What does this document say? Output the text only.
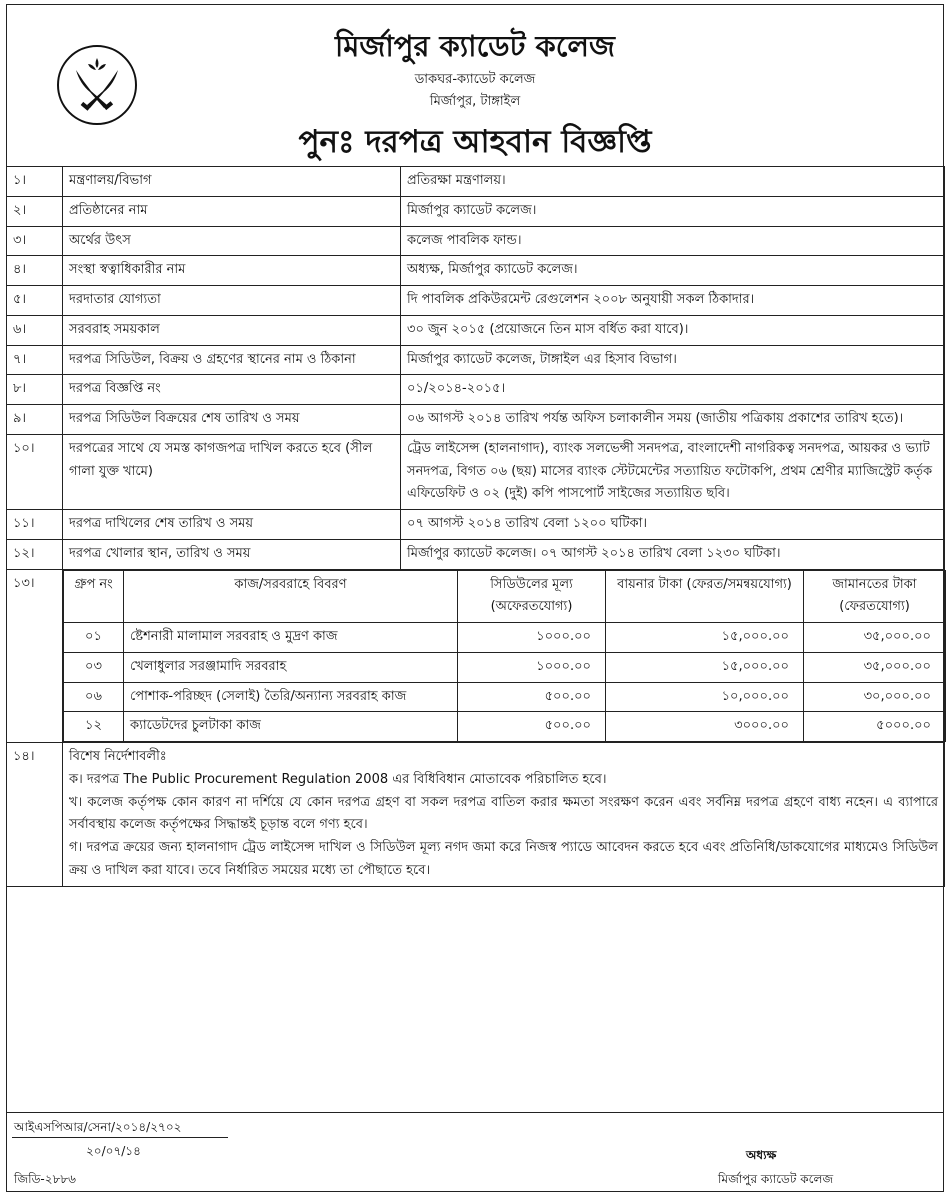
মির্জাপুর ক্যাডেট কলেজ
ডাকঘর-ক্যাডেট কলেজ
মির্জাপুর, টাঙ্গাইল
পুনঃ দরপত্র আহবান বিজ্ঞপ্তি
১।	মন্ত্রণালয়/বিভাগ	প্রতিরক্ষা মন্ত্রণালয়।
২।	প্রতিষ্ঠানের নাম	মির্জাপুর ক্যাডেট কলেজ।
৩।	অর্থের উৎস	কলেজ পাবলিক ফান্ড।
৪।	সংস্থা স্বত্বাধিকারীর নাম	অধ্যক্ষ, মির্জাপুর ক্যাডেট কলেজ।
৫।	দরদাতার যোগ্যতা	দি পাবলিক প্রকিউরমেন্ট রেগুলেশন ২০০৮ অনুযায়ী সকল ঠিকাদার।
৬।	সরবরাহ সময়কাল	৩০ জুন ২০১৫ (প্রয়োজনে তিন মাস বর্ধিত করা যাবে)।
৭।	দরপত্র সিডিউল, বিক্রয় ও গ্রহণের স্থানের নাম ও ঠিকানা	মির্জাপুর ক্যাডেট কলেজ, টাঙ্গাইল এর হিসাব বিভাগ।
৮।	দরপত্র বিজ্ঞপ্তি নং	০১/২০১৪-২০১৫।
৯।	দরপত্র সিডিউল বিক্রয়ের শেষ তারিখ ও সময়	০৬ আগস্ট ২০১৪ তারিখ পর্যন্ত অফিস চলাকালীন সময় (জাতীয় পত্রিকায় প্রকাশের তারিখ হতে)।
১০।	দরপত্রের সাথে যে সমস্ত কাগজপত্র দাখিল করতে হবে (সীল গালা যুক্ত খামে)	ট্রেড লাইসেন্স (হালনাগাদ), ব্যাংক সলভেন্সী সনদপত্র, বাংলাদেশী নাগরিকত্ব সনদপত্র, আয়কর ও ভ্যাট সনদপত্র, বিগত ০৬ (ছয়) মাসের ব্যাংক স্টেটমেন্টের সত্যায়িত ফটোকপি, প্রথম শ্রেণীর ম্যাজিস্ট্রেট কর্তৃক এফিডেফিট ও ০২ (দুই) কপি পাসপোর্ট সাইজের সত্যায়িত ছবি।
১১।	দরপত্র দাখিলের শেষ তারিখ ও সময়	০৭ আগস্ট ২০১৪ তারিখ বেলা ১২০০ ঘটিকা।
১২।	দরপত্র খোলার স্থান, তারিখ ও সময়	মির্জাপুর ক্যাডেট কলেজ। ০৭ আগস্ট ২০১৪ তারিখ বেলা ১২৩০ ঘটিকা।
১৩।		গ্রুপ নং	কাজ/সরবরাহে বিবরণ	সিডিউলের মূল্য (অফেরতযোগ্য)	বায়নার টাকা (ফেরত/সমন্বয়যোগ্য)	জামানতের টাকা (ফেরতযোগ্য)
০১	ষ্টেশনারী মালামাল সরবরাহ ও মুদ্রণ কাজ	১০০০.০০	১৫,০০০.০০	৩৫,০০০.০০
০৩	খেলাধুলার সরঞ্জামাদি সরবরাহ	১০০০.০০	১৫,০০০.০০	৩৫,০০০.০০
০৬	পোশাক-পরিচ্ছদ (সেলাই) তৈরি/অন্যান্য সরবরাহ কাজ	৫০০.০০	১০,০০০.০০	৩০,০০০.০০
১২	ক্যাডেটদের চুলটাকা কাজ	৫০০.০০	৩০০০.০০	৫০০০.০০

১৪।	বিশেষ নির্দেশাবলীঃ

ক। দরপত্র The Public Procurement Regulation 2008 এর বিধিবিধান মোতাবেক পরিচালিত হবে।

খ। কলেজ কর্তৃপক্ষ কোন কারণ না দর্শিয়ে যে কোন দরপত্র গ্রহণ বা সকল দরপত্র বাতিল করার ক্ষমতা সংরক্ষণ করেন এবং সর্বনিম্ন দরপত্র গ্রহণে বাধ্য নহেন। এ ব্যাপারে সর্বাবস্থায় কলেজ কর্তৃপক্ষের সিদ্ধান্তই চূড়ান্ত বলে গণ্য হবে।

গ। দরপত্র ক্রয়ের জন্য হালনাগাদ ট্রেড লাইসেন্স দাখিল ও সিডিউল মূল্য নগদ জমা করে নিজস্ব প্যাডে আবেদন করতে হবে এবং প্রতিনিধি/ডাকযোগের মাধ্যমেও সিডিউল ক্রয় ও দাখিল করা যাবে। তবে নির্ধারিত সময়ের মধ্যে তা পৌছাতে হবে।

আইএসপিআর/সেনা/২০১৪/২৭০২
২০/০৭/১৪
জিডি-২৮৮৬
অধ্যক্ষ
মির্জাপুর ক্যাডেট কলেজ
